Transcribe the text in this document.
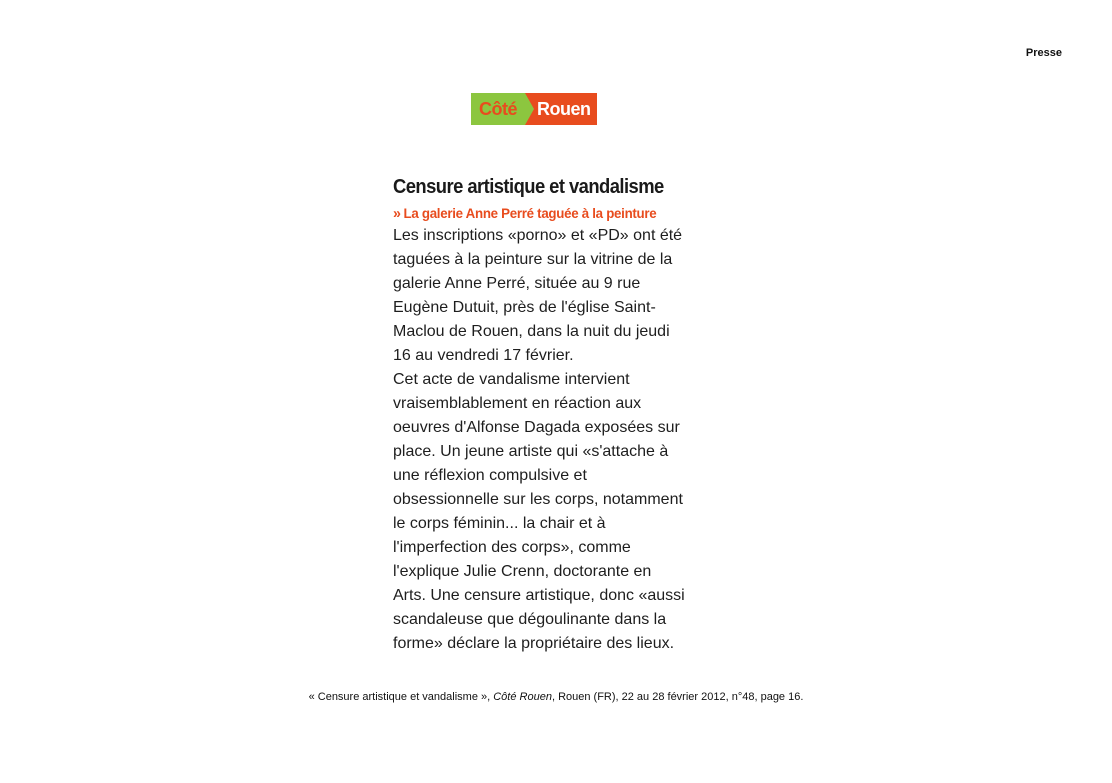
Presse
Côté	Rouen
Censure artistique et vandalisme
» La galerie Anne Perré taguée à la peinture

Les inscriptions «porno» et «PD» ont été
taguées à la peinture sur la vitrine de la
galerie Anne Perré, située au 9 rue
Eugène Dutuit, près de l'église Saint-
Maclou de Rouen, dans la nuit du jeudi
16 au vendredi 17 février.
Cet acte de vandalisme intervient
vraisemblablement en réaction aux
oeuvres d'Alfonse Dagada exposées sur
place. Un jeune artiste qui «s'attache à
une réflexion compulsive et
obsessionnelle sur les corps, notamment
le corps féminin... la chair et à
l'imperfection des corps», comme
l'explique Julie Crenn, doctorante en
Arts. Une censure artistique, donc «aussi
scandaleuse que dégoulinante dans la
forme» déclare la propriétaire des lieux.

« Censure artistique et vandalisme », Côté Rouen, Rouen (FR), 22 au 28 février 2012, n°48, page 16.
